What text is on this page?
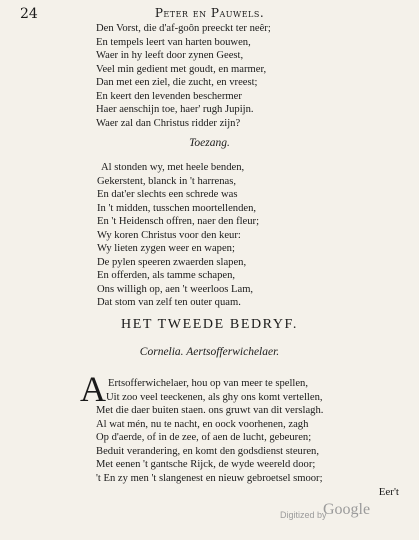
24	Peter en Pauwels.
Den Vorst, die d'af-goôn preeckt ter neêr;
En tempels leert van harten bouwen,
Waer in hy leeft door zynen Geest,
Veel min gedient met goudt, en marmer,
Dan met een ziel, die zucht, en vreest;
En keert den levenden beschermer
Haer aenschijn toe, haer' rugh Jupijn.
Waer zal dan Christus ridder zijn?
Toezang.
Al stonden wy, met heele benden,
Gekerstent, blanck in 't harrenas,
En dat'er slechts een schrede was
In 't midden, tusschen moortellenden,
En 't Heidensch offren, naer den fleur;
Wy koren Christus voor den keur:
Wy lieten zygen weer en wapen;
De pylen speeren zwaerden slapen,
En offerden, als tamme schapen,
Ons willigh op, aen 't weerloos Lam,
Dat stom van zelf ten outer quam.
HET TWEEDE BEDRYF.
Cornelia. Aertsofferwichelaer.
A Ertsofferwichelaer, hou op van meer te spellen,
Uit zoo veel teeckenen, als ghy ons komt vertellen,
Met die daer buiten staen. ons gruwt van dit verslagh.
Al wat mén, nu te nacht, en oock voorhenen, zagh
Op d'aerde, of in de zee, of aen de lucht, gebeuren;
Beduit verandering, en komt den godsdienst steuren,
Met eenen 't gantsche Rijck, de wyde weereld door;
't En zy men 't slangenest en nieuw gebroetsel smoor;
Eer't
Digitized by
Google
